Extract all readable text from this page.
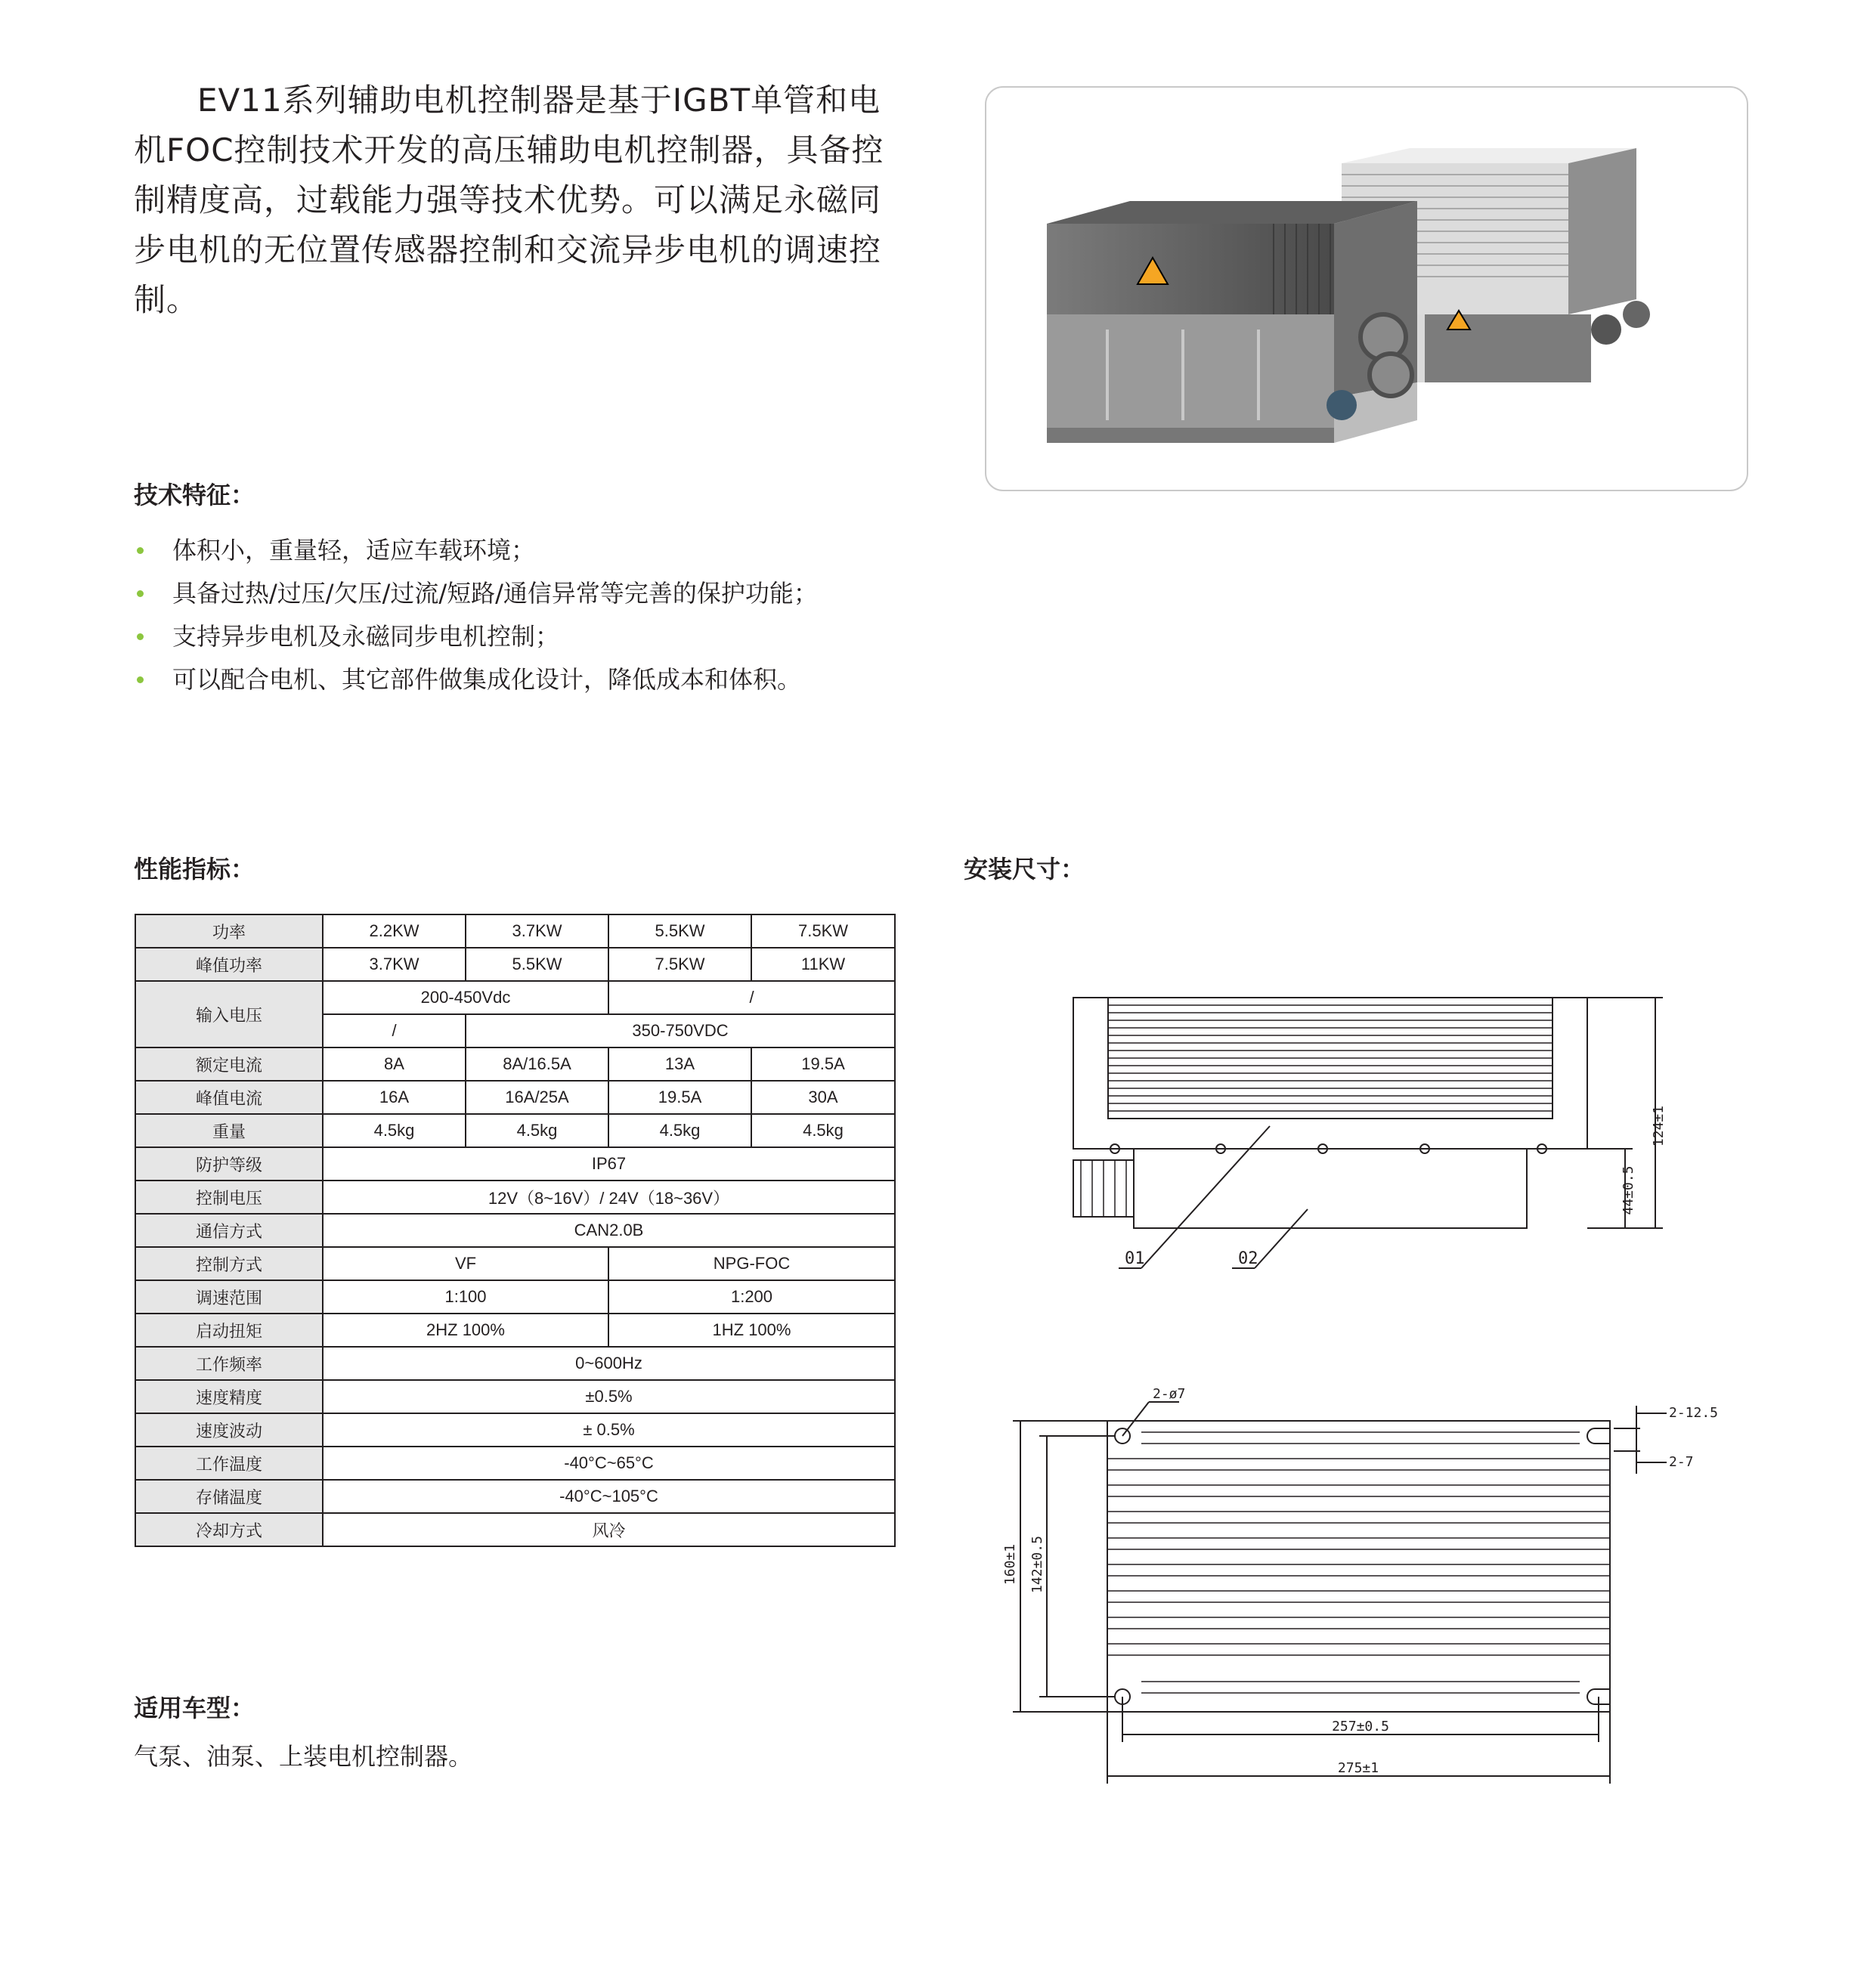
EV11系列辅助电机控制器是基于IGBT单管和电机FOC控制技术开发的高压辅助电机控制器，具备控制精度高，过载能力强等技术优势。可以满足永磁同步电机的无位置传感器控制和交流异步电机的调速控制。

技术特征：
体积小，重量轻，适应车载环境；
具备过热/过压/欠压/过流/短路/通信异常等完善的保护功能；
支持异步电机及永磁同步电机控制；
可以配合电机、其它部件做集成化设计，降低成本和体积。
性能指标：
功率	2.2KW	3.7KW	5.5KW	7.5KW
峰值功率	3.7KW	5.5KW	7.5KW	11KW
输入电压	200-450Vdc		/	
	/	350-750VDC		
额定电流	8A	8A/16.5A	13A	19.5A
峰值电流	16A	16A/25A	19.5A	30A
重量	4.5kg	4.5kg	4.5kg	4.5kg
防护等级	IP67			
控制电压	12V（8~16V）/ 24V（18~36V）			
通信方式	CAN2.0B			
控制方式	VF		NPG-FOC	
调速范围	1:100		1:200	
启动扭矩	2HZ 100%		1HZ 100%	
工作频率	0~600Hz			
速度精度	±0.5%			
速度波动	± 0.5%			
工作温度	-40°C~65°C			
存储温度	-40°C~105°C			
冷却方式	风冷			
安装尺寸：
124±1
44±0.5
01	02
2-ø7
2-12.5
2-7
160±1 142±0.5
257±0.5
275±1
适用车型：

气泵、油泵、上装电机控制器。
